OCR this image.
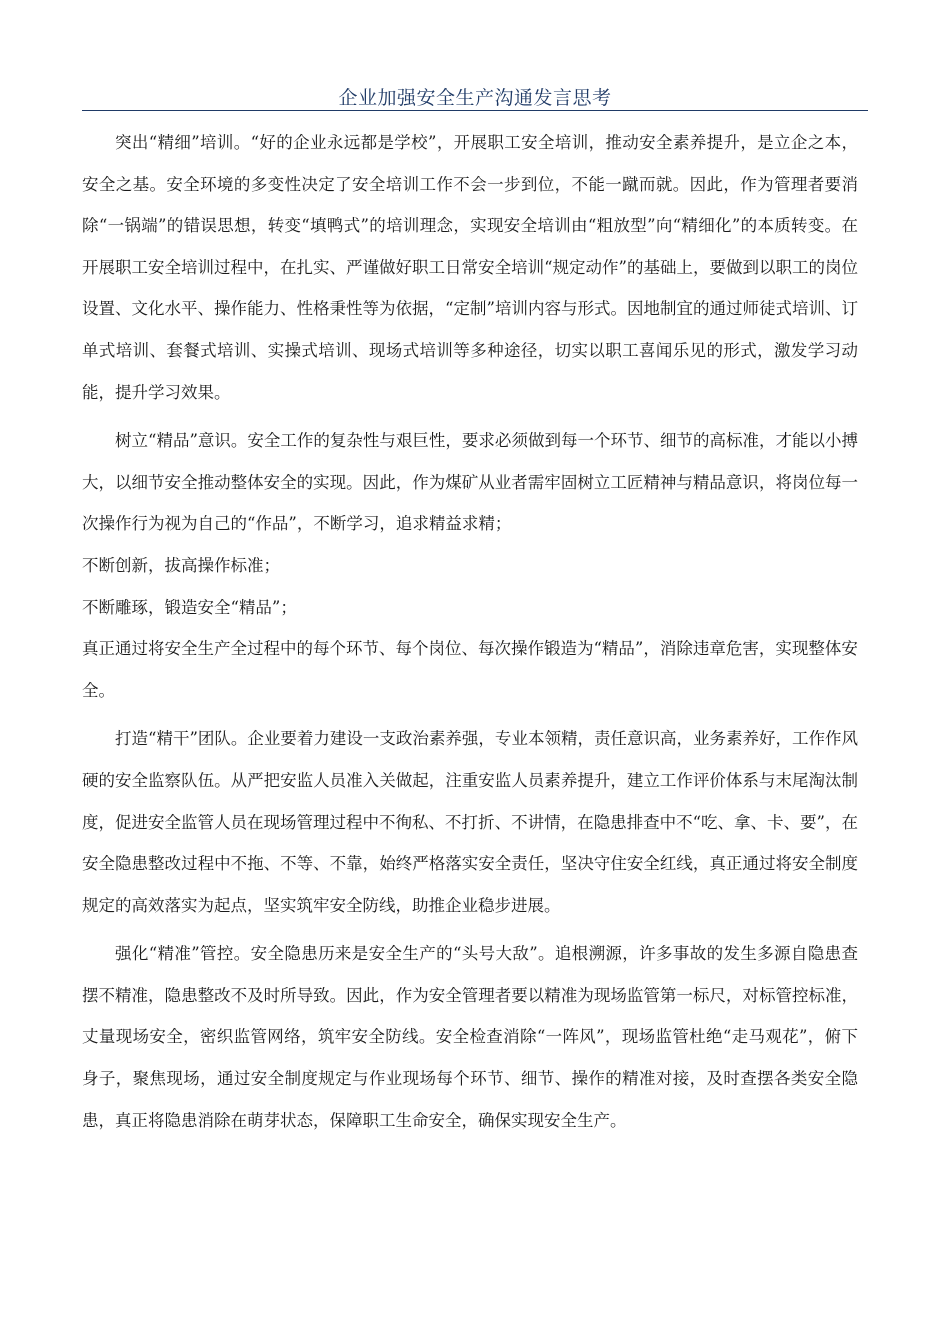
企业加强安全生产沟通发言思考

突出“精细”培训。“好的企业永远都是学校”，开展职工安全培训，推动安全素养提升，是立企之本，安全之基。安全环境的多变性决定了安全培训工作不会一步到位，不能一蹴而就。因此，作为管理者要消除“一锅端”的错误思想，转变“填鸭式”的培训理念，实现安全培训由“粗放型”向“精细化”的本质转变。在开展职工安全培训过程中，在扎实、严谨做好职工日常安全培训“规定动作”的基础上，要做到以职工的岗位设置、文化水平、操作能力、性格秉性等为依据，“定制”培训内容与形式。因地制宜的通过师徒式培训、订单式培训、套餐式培训、实操式培训、现场式培训等多种途径，切实以职工喜闻乐见的形式，激发学习动能，提升学习效果。

树立“精品”意识。安全工作的复杂性与艰巨性，要求必须做到每一个环节、细节的高标准，才能以小搏大，以细节安全推动整体安全的实现。因此，作为煤矿从业者需牢固树立工匠精神与精品意识，将岗位每一次操作行为视为自己的“作品”，不断学习，追求精益求精；

不断创新，拔高操作标准；

不断雕琢，锻造安全“精品”；

真正通过将安全生产全过程中的每个环节、每个岗位、每次操作锻造为“精品”，消除违章危害，实现整体安全。

打造“精干”团队。企业要着力建设一支政治素养强，专业本领精，责任意识高，业务素养好，工作作风硬的安全监察队伍。从严把安监人员准入关做起，注重安监人员素养提升，建立工作评价体系与末尾淘汰制度，促进安全监管人员在现场管理过程中不徇私、不打折、不讲情，在隐患排查中不“吃、拿、卡、要”，在安全隐患整改过程中不拖、不等、不靠，始终严格落实安全责任，坚决守住安全红线，真正通过将安全制度规定的高效落实为起点，坚实筑牢安全防线，助推企业稳步进展。

强化“精准”管控。安全隐患历来是安全生产的“头号大敌”。追根溯源，许多事故的发生多源自隐患查摆不精准，隐患整改不及时所导致。因此，作为安全管理者要以精准为现场监管第一标尺，对标管控标准，丈量现场安全，密织监管网络，筑牢安全防线。安全检查消除“一阵风”，现场监管杜绝“走马观花”，俯下身子，聚焦现场，通过安全制度规定与作业现场每个环节、细节、操作的精准对接，及时查摆各类安全隐患，真正将隐患消除在萌芽状态，保障职工生命安全，确保实现安全生产。
